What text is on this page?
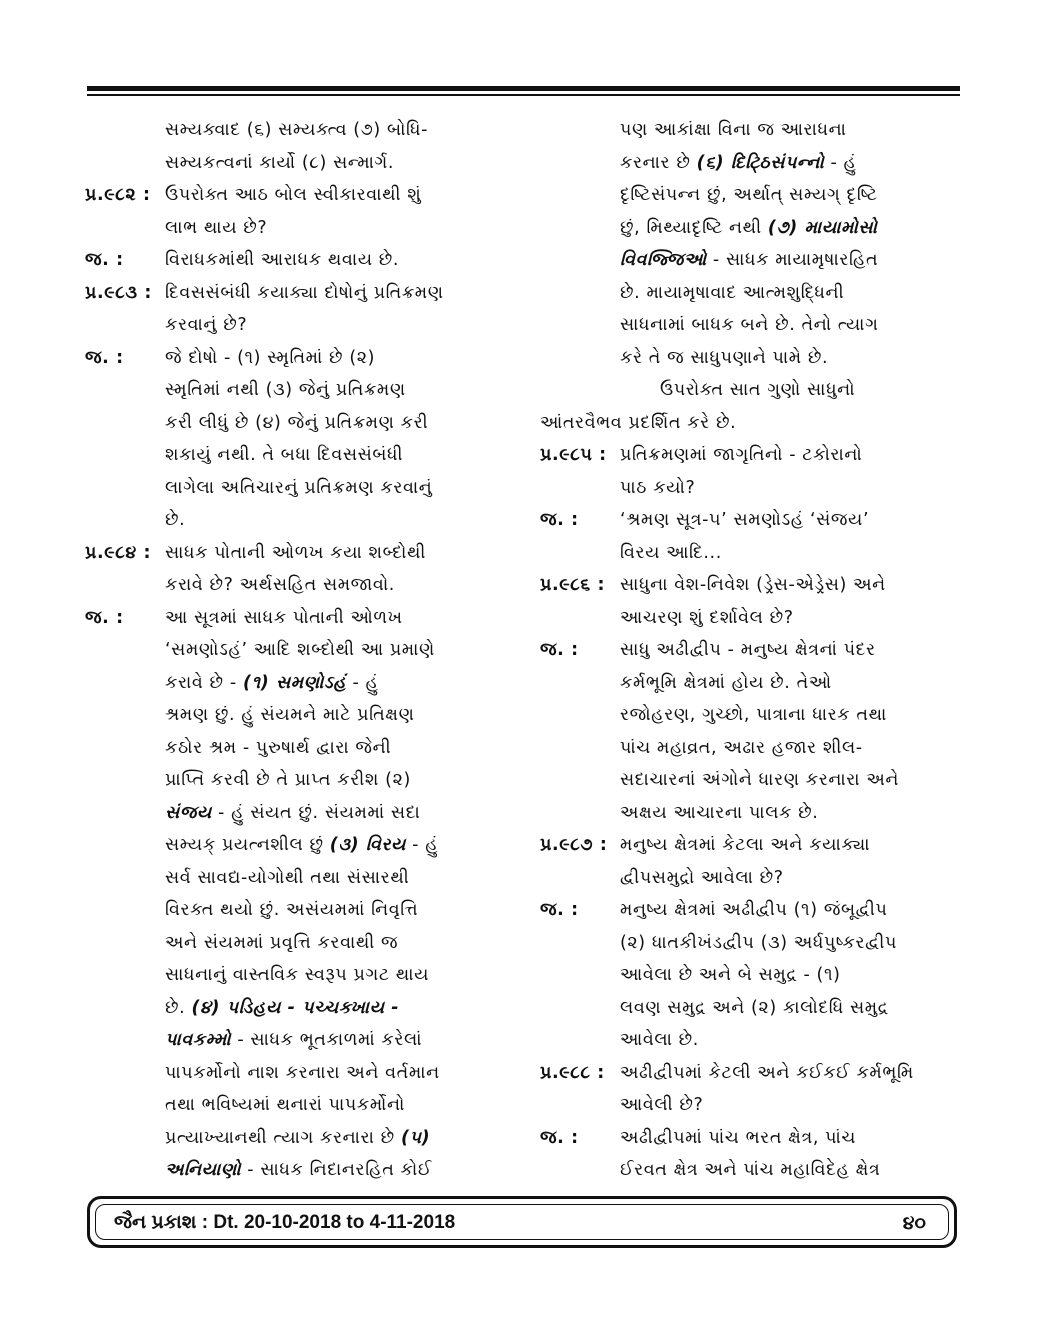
સમ્યક્વાદ (૬) સમ્યક્ત્વ (૭) બોધિ-
સમ્યકત્વનાં કાર્યો (૮) સન્માર્ગ.
પ્ર.૯૮૨ : ઉપરોક્ત આઠ બોલ સ્વીકારવાથી શું
લાભ થાય છે?
જ. : વિરાધકમાંથી આરાધક થવાય છે.
પ્ર.૯૮૩ : દિવસસંબંધી કયાક્યા દોષોનું પ્રતિક્રમણ
કરવાનું છે?
જ. : જે દોષો - (૧) સ્મૃતિમાં છે (૨)
સ્મૃતિમાં નથી (૩) જેનું પ્રતિક્રમણ
કરી લીધું છે (૪) જેનું પ્રતિક્રમણ કરી
શકાયું નથી. તે બધા દિવસસંબંધી
લાગેલા અતિચારનું પ્રતિક્રમણ કરવાનું
છે.
પ્ર.૯૮૪ : સાધક પોતાની ઓળખ કયા શબ્દોથી
કરાવે છે? અર્થસહિત સમજાવો.
જ. : આ સૂત્રમાં સાધક પોતાની ઓળખ
‘સમણોઽહં’ આદિ શબ્દોથી આ પ્રમાણે
કરાવે છે - (૧) સમણોઽહં - હું
શ્રમણ છું. હું સંયમને માટે પ્રતિક્ષણ
કઠોર શ્રમ - પુરુષાર્થ દ્વારા જેની
પ્રાપ્તિ કરવી છે તે પ્રાપ્ત કરીશ (૨)
સંજય - હું સંયત છું. સંયમમાં સદા
સમ્યક્ પ્રયત્નશીલ છું (૩) વિરય - હું
સર્વ સાવદ્ય-યોગોથી તથા સંસારથી
વિરક્ત થયો છું. અસંયમમાં નિવૃત્તિ
અને સંયમમાં પ્રવૃત્તિ કરવાથી જ
સાધનાનું વાસ્તવિક સ્વરૂપ પ્રગટ થાય
છે. (૪) પડિહય - પચ્ચક્ખાય -
પાવકમ્મો - સાધક ભૂતકાળમાં કરેલાં
પાપકર્મોનો નાશ કરનારા અને વર્તમાન
તથા ભવિષ્યમાં થનારાં પાપકર્મોનો
પ્રત્યાખ્યાનથી ત્યાગ કરનારા છે (૫)
અનિયાણો - સાધક નિદાનરહિત કોઈ
પણ આકાંક્ષા વિના જ આરાધના
કરનાર છે (૬) દિટ્ઠિસંપન્નો - હું
દૃષ્ટિસંપન્ન છું, અર્થાત્ સમ્યગ્ દૃષ્ટિ
છું, મિથ્યાદૃષ્ટિ નથી (૭) માયામોસો
વિવજ્જિઓ - સાધક માયામૃષારહિત
છે. માયામૃષાવાદ આત્મશુદ્ધિની
સાધનામાં બાધક બને છે. તેનો ત્યાગ
કરે તે જ સાધુપણાને પામે છે.
ઉપરોક્ત સાત ગુણો સાધુનો
આંતરવૈભવ પ્રદર્શિત કરે છે.
પ્ર.૯૮૫ : પ્રતિક્રમણમાં જાગૃતિનો - ટકોરાનો
પાઠ કયો?
જ. : ‘શ્રમણ સૂત્ર-૫’ સમણોઽહં ‘સંજય’
વિરય આદિ...
પ્ર.૯૮૬ : સાધુના વેશ-નિવેશ (ડ્રેસ-એડ્રેસ) અને
આચરણ શું દર્શાવેલ છે?
જ. : સાધુ અઢીદ્વીપ - મનુષ્ય ક્ષેત્રનાં પંદર
કર્મભૂમિ ક્ષેત્રમાં હોય છે. તેઓ
રજોહરણ, ગુચ્છો, પાત્રાના ધારક તથા
પાંચ મહાવ્રત, અઢાર હજાર શીલ-
સદાચારનાં અંગોને ધારણ કરનારા અને
અક્ષય આચારના પાલક છે.
પ્ર.૯૮૭ : મનુષ્ય ક્ષેત્રમાં કેટલા અને કયાક્યા
દ્વીપસમુદ્રો આવેલા છે?
જ. : મનુષ્ય ક્ષેત્રમાં અઢીદ્વીપ (૧) જંબૂદ્વીપ
(૨) ધાતકીખંડદ્વીપ (૩) અર્ધપુષ્કરદ્વીપ
આવેલા છે અને બે સમુદ્ર - (૧)
લવણ સમુદ્ર અને (૨) કાલોદધિ સમુદ્ર
આવેલા છે.
પ્ર.૯૮૮ : અઢીદ્વીપમાં કેટલી અને કઈકઈ કર્મભૂમિ
આવેલી છે?
જ. : અઢીદ્વીપમાં પાંચ ભરત ક્ષેત્ર, પાંચ
ઈરવત ક્ષેત્ર અને પાંચ મહાવિદેહ ક્ષેત્ર
જૈન પ્રકાશ : Dt. 20-10-2018 to 4-11-2018	૪૦
